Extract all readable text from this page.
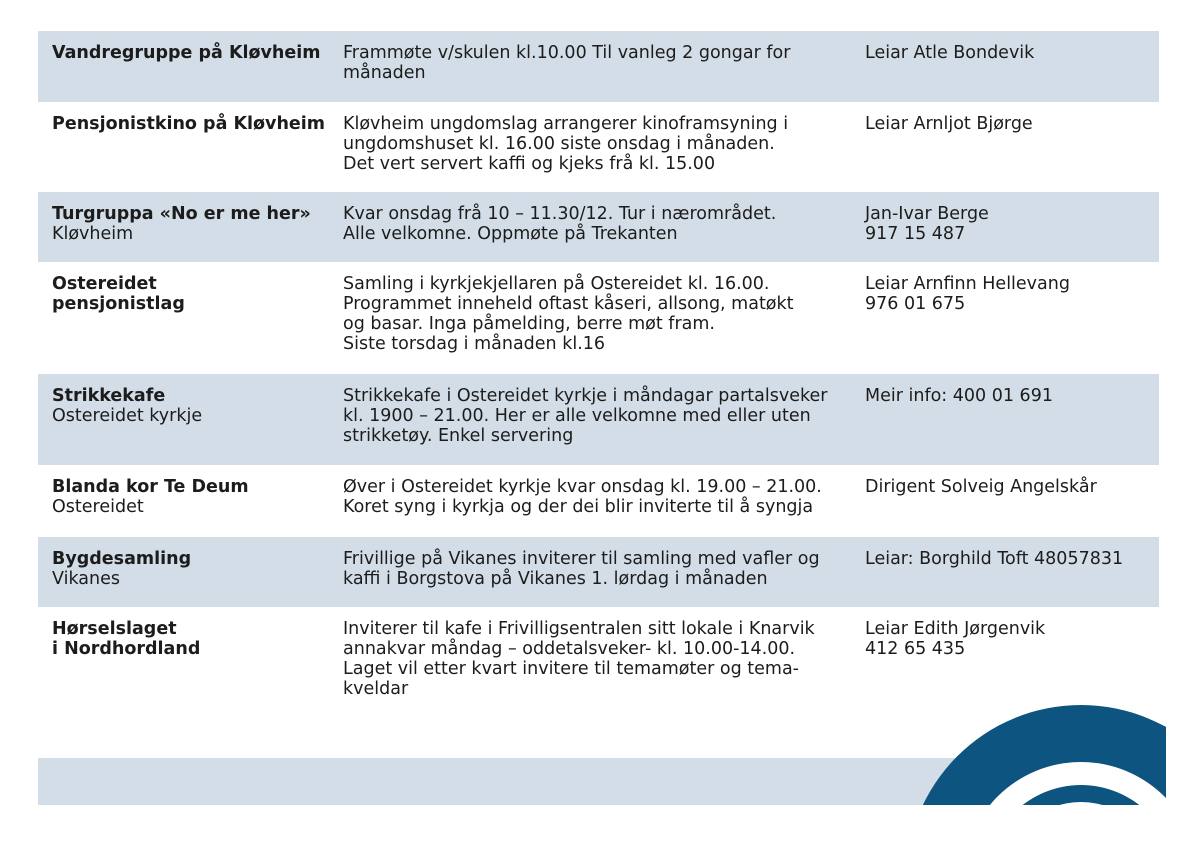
Vandregruppe på Kløvheim	Frammøte v/skulen kl.10.00 Til vanleg 2 gongar for
månaden
Leiar Atle Bondevik
Pensjonistkino på Kløvheim	Kløvheim ungdomslag arrangerer kinoframsyning i
ungdomshuset kl. 16.00 siste onsdag i månaden.
Det vert servert kaffi og kjeks frå kl. 15.00
Leiar Arnljot Bjørge
Turgruppa «No er me her»
Kløvheim
Kvar onsdag frå 10 – 11.30/12. Tur i nærområdet.
Alle velkomne. Oppmøte på Trekanten
Jan-Ivar Berge
917 15 487
Ostereidet
pensjonistlag
Samling i kyrkjekjellaren på Ostereidet kl. 16.00.
Programmet inneheld oftast kåseri, allsong, matøkt
og basar. Inga påmelding, berre møt fram.
Siste torsdag i månaden kl.16
Leiar Arnfinn Hellevang
976 01 675
Strikkekafe
Ostereidet kyrkje
Strikkekafe i Ostereidet kyrkje i måndagar partalsveker
kl. 1900 – 21.00. Her er alle velkomne med eller uten
strikketøy. Enkel servering
Meir info: 400 01 691
Blanda kor Te Deum
Ostereidet
Øver i Ostereidet kyrkje kvar onsdag kl. 19.00 – 21.00.
Koret syng i kyrkja og der dei blir inviterte til å syngja
Dirigent Solveig Angelskår
Bygdesamling
Vikanes
Frivillige på Vikanes inviterer til samling med vafler og
kaffi i Borgstova på Vikanes 1. lørdag i månaden
Leiar: Borghild Toft 48057831
Hørselslaget
i Nordhordland
Inviterer til kafe i Frivilligsentralen sitt lokale i Knarvik
annakvar måndag – oddetalsveker- kl. 10.00-14.00.
Laget vil etter kvart invitere til temamøter og tema-
kveldar
Leiar Edith Jørgenvik
412 65 435
